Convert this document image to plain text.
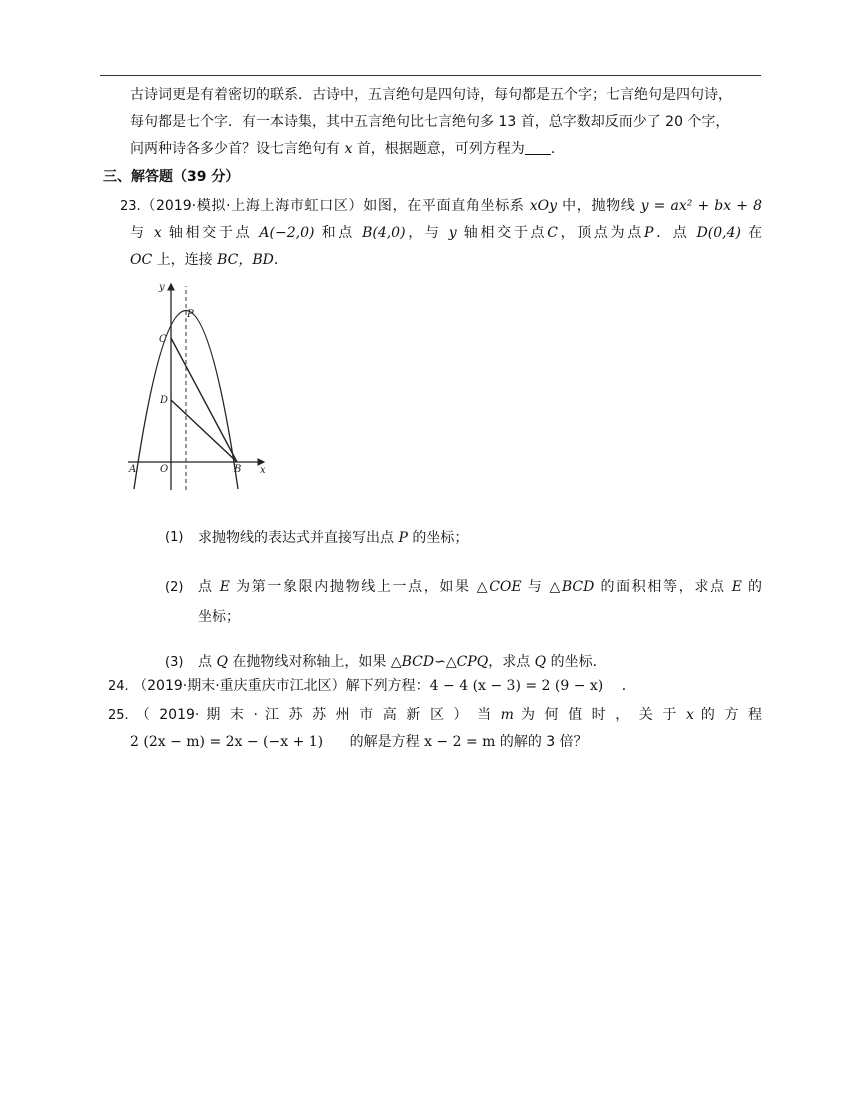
古诗词更是有着密切的联系．古诗中，五言绝句是四句诗，每句都是五个字；七言绝句是四句诗，
每句都是七个字．有一本诗集，其中五言绝句比七言绝句多 13 首，总字数却反而少了 20 个字，
问两种诗各多少首？设七言绝句有 x 首，根据题意，可列方程为 ．
三、解答题（39 分）
23.（2019·模拟·上海上海市虹口区）如图，在平面直角坐标系 xOy 中，抛物线 y = ax² + bx + 8
与 x 轴相交于点 A(−2,0) 和点 B(4,0)，与 y 轴相交于点C，顶点为点P．点 D(0,4) 在
OC 上，连接 BC，BD．
y
x
P
C
D
A O	B
(1) 求抛物线的表达式并直接写出点 P 的坐标；
(2) 点 E 为第一象限内抛物线上一点，如果 △COE 与 △BCD 的面积相等，求点 E 的
坐标；
(3) 点 Q 在抛物线对称轴上，如果 △BCD∽△CPQ，求点 Q 的坐标．
24. （2019·期末·重庆重庆市江北区）解下列方程：4 − 4 (x − 3) = 2 (9 − x) ．
25. （ 2019· 期 末 · 江 苏 苏 州 市 高 新 区 ） 当 m 为 何 值 时 ， 关 于 x 的 方 程
2 (2x − m) = 2x − (−x + 1) 的解是方程 x − 2 = m 的解的 3 倍？
